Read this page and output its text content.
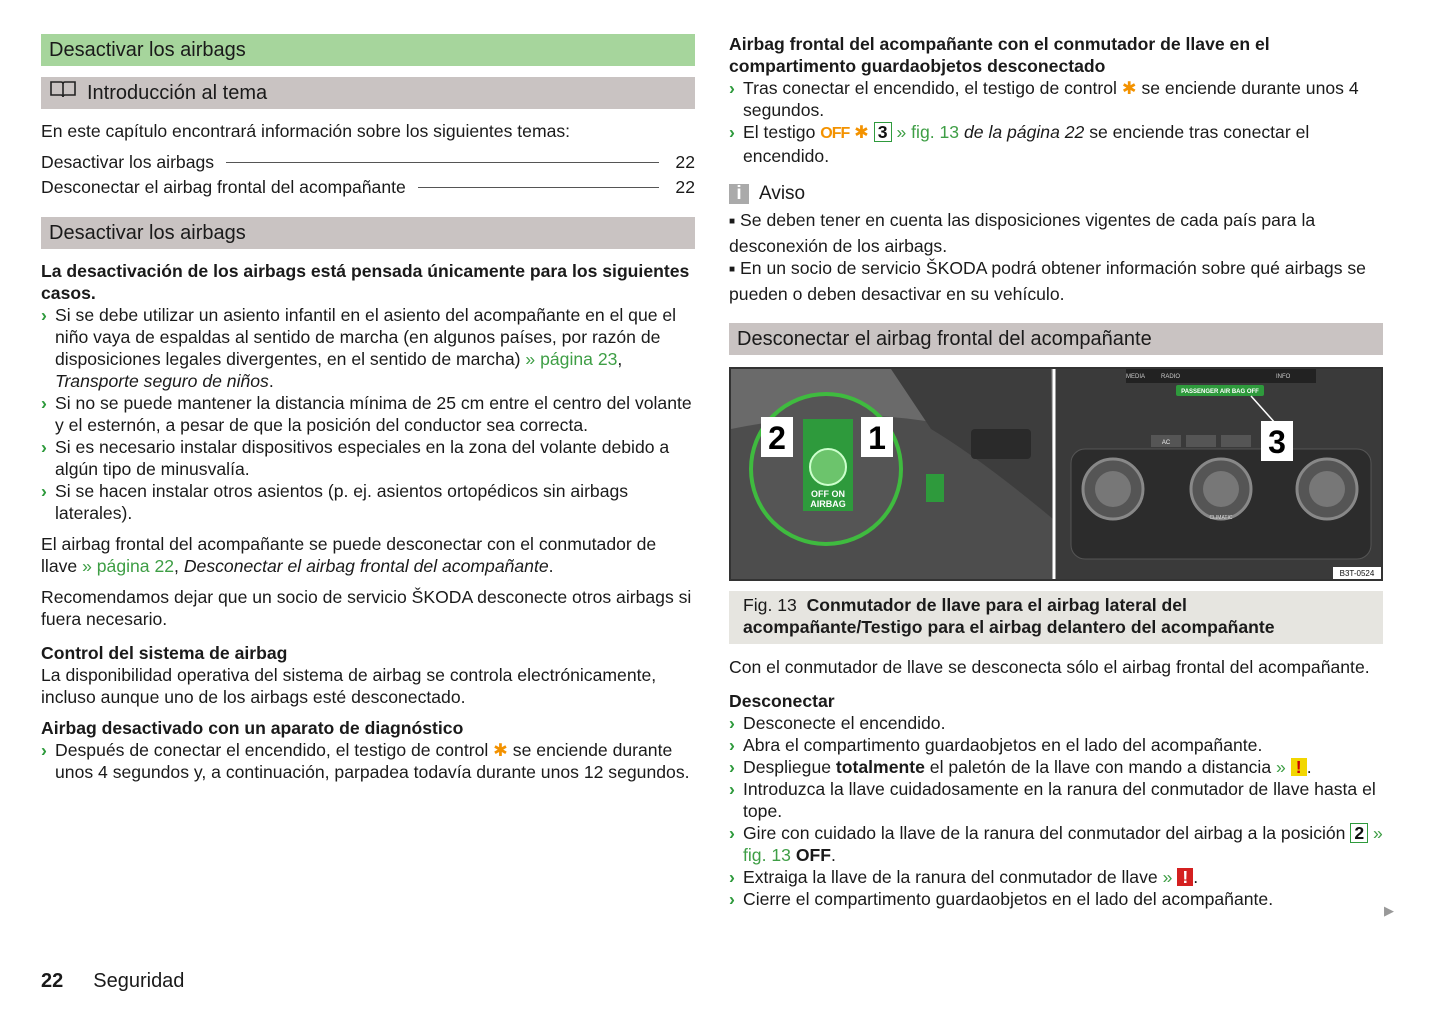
Desactivar los airbags
Introducción al tema

En este capítulo encontrará información sobre los siguientes temas:

Desactivar los airbags	22
Desconectar el airbag frontal del acompañante	22
Desactivar los airbags

La desactivación de los airbags está pensada únicamente para los siguientes casos.

› Si se debe utilizar un asiento infantil en el asiento del acompañante en el que el niño vaya de espaldas al sentido de marcha (en algunos países, por razón de disposiciones legales divergentes, en el sentido de marcha) » página 23, Transporte seguro de niños.
› Si no se puede mantener la distancia mínima de 25 cm entre el centro del volante y el esternón, a pesar de que la posición del conductor sea correcta.
› Si es necesario instalar dispositivos especiales en la zona del volante debido a algún tipo de minusvalía.
› Si se hacen instalar otros asientos (p. ej. asientos ortopédicos sin airbags laterales).

El airbag frontal del acompañante se puede desconectar con el conmutador de llave » página 22, Desconectar el airbag frontal del acompañante.

Recomendamos dejar que un socio de servicio ŠKODA desconecte otros airbags si fuera necesario.

Control del sistema de airbag

La disponibilidad operativa del sistema de airbag se controla electrónicamente, incluso aunque uno de los airbags esté desconectado.

Airbag desactivado con un aparato de diagnóstico

› Después de conectar el encendido, el testigo de control ✱ se enciende durante unos 4 segundos y, a continuación, parpadea todavía durante unos 12 segundos.

Airbag frontal del acompañante con el conmutador de llave en el compartimento guardaobjetos desconectado

› Tras conectar el encendido, el testigo de control ✱ se enciende durante unos 4 segundos.
› El testigo OFF ✱ 3 » fig. 13 de la página 22 se enciende tras conectar el encendido.
i Aviso

■ Se deben tener en cuenta las disposiciones vigentes de cada país para la desconexión de los airbags.

■ En un socio de servicio ŠKODA podrá obtener información sobre qué airbags se pueden o deben desactivar en su vehículo.

Desconectar el airbag frontal del acompañante
OFF ON
AIRBAG
2	1
MEDIA	RADIO	INFO
PASSENGER AIR BAG OFF
3
AC
CLIMATIC
B3T-0524
Fig. 13 Conmutador de llave para el airbag lateral del acompañante/Testigo para el airbag delantero del acompañante

Con el conmutador de llave se desconecta sólo el airbag frontal del acompañante.

Desconectar

› Desconecte el encendido.
› Abra el compartimento guardaobjetos en el lado del acompañante.
› Despliegue totalmente el paletón de la llave con mando a distancia » ! .
› Introduzca la llave cuidadosamente en la ranura del conmutador de llave hasta el tope.
› Gire con cuidado la llave de la ranura del conmutador del airbag a la posición 2 » fig. 13 OFF.
› Extraiga la llave de la ranura del conmutador de llave » ! .
› Cierre el compartimento guardaobjetos en el lado del acompañante.
▶
22 Seguridad
